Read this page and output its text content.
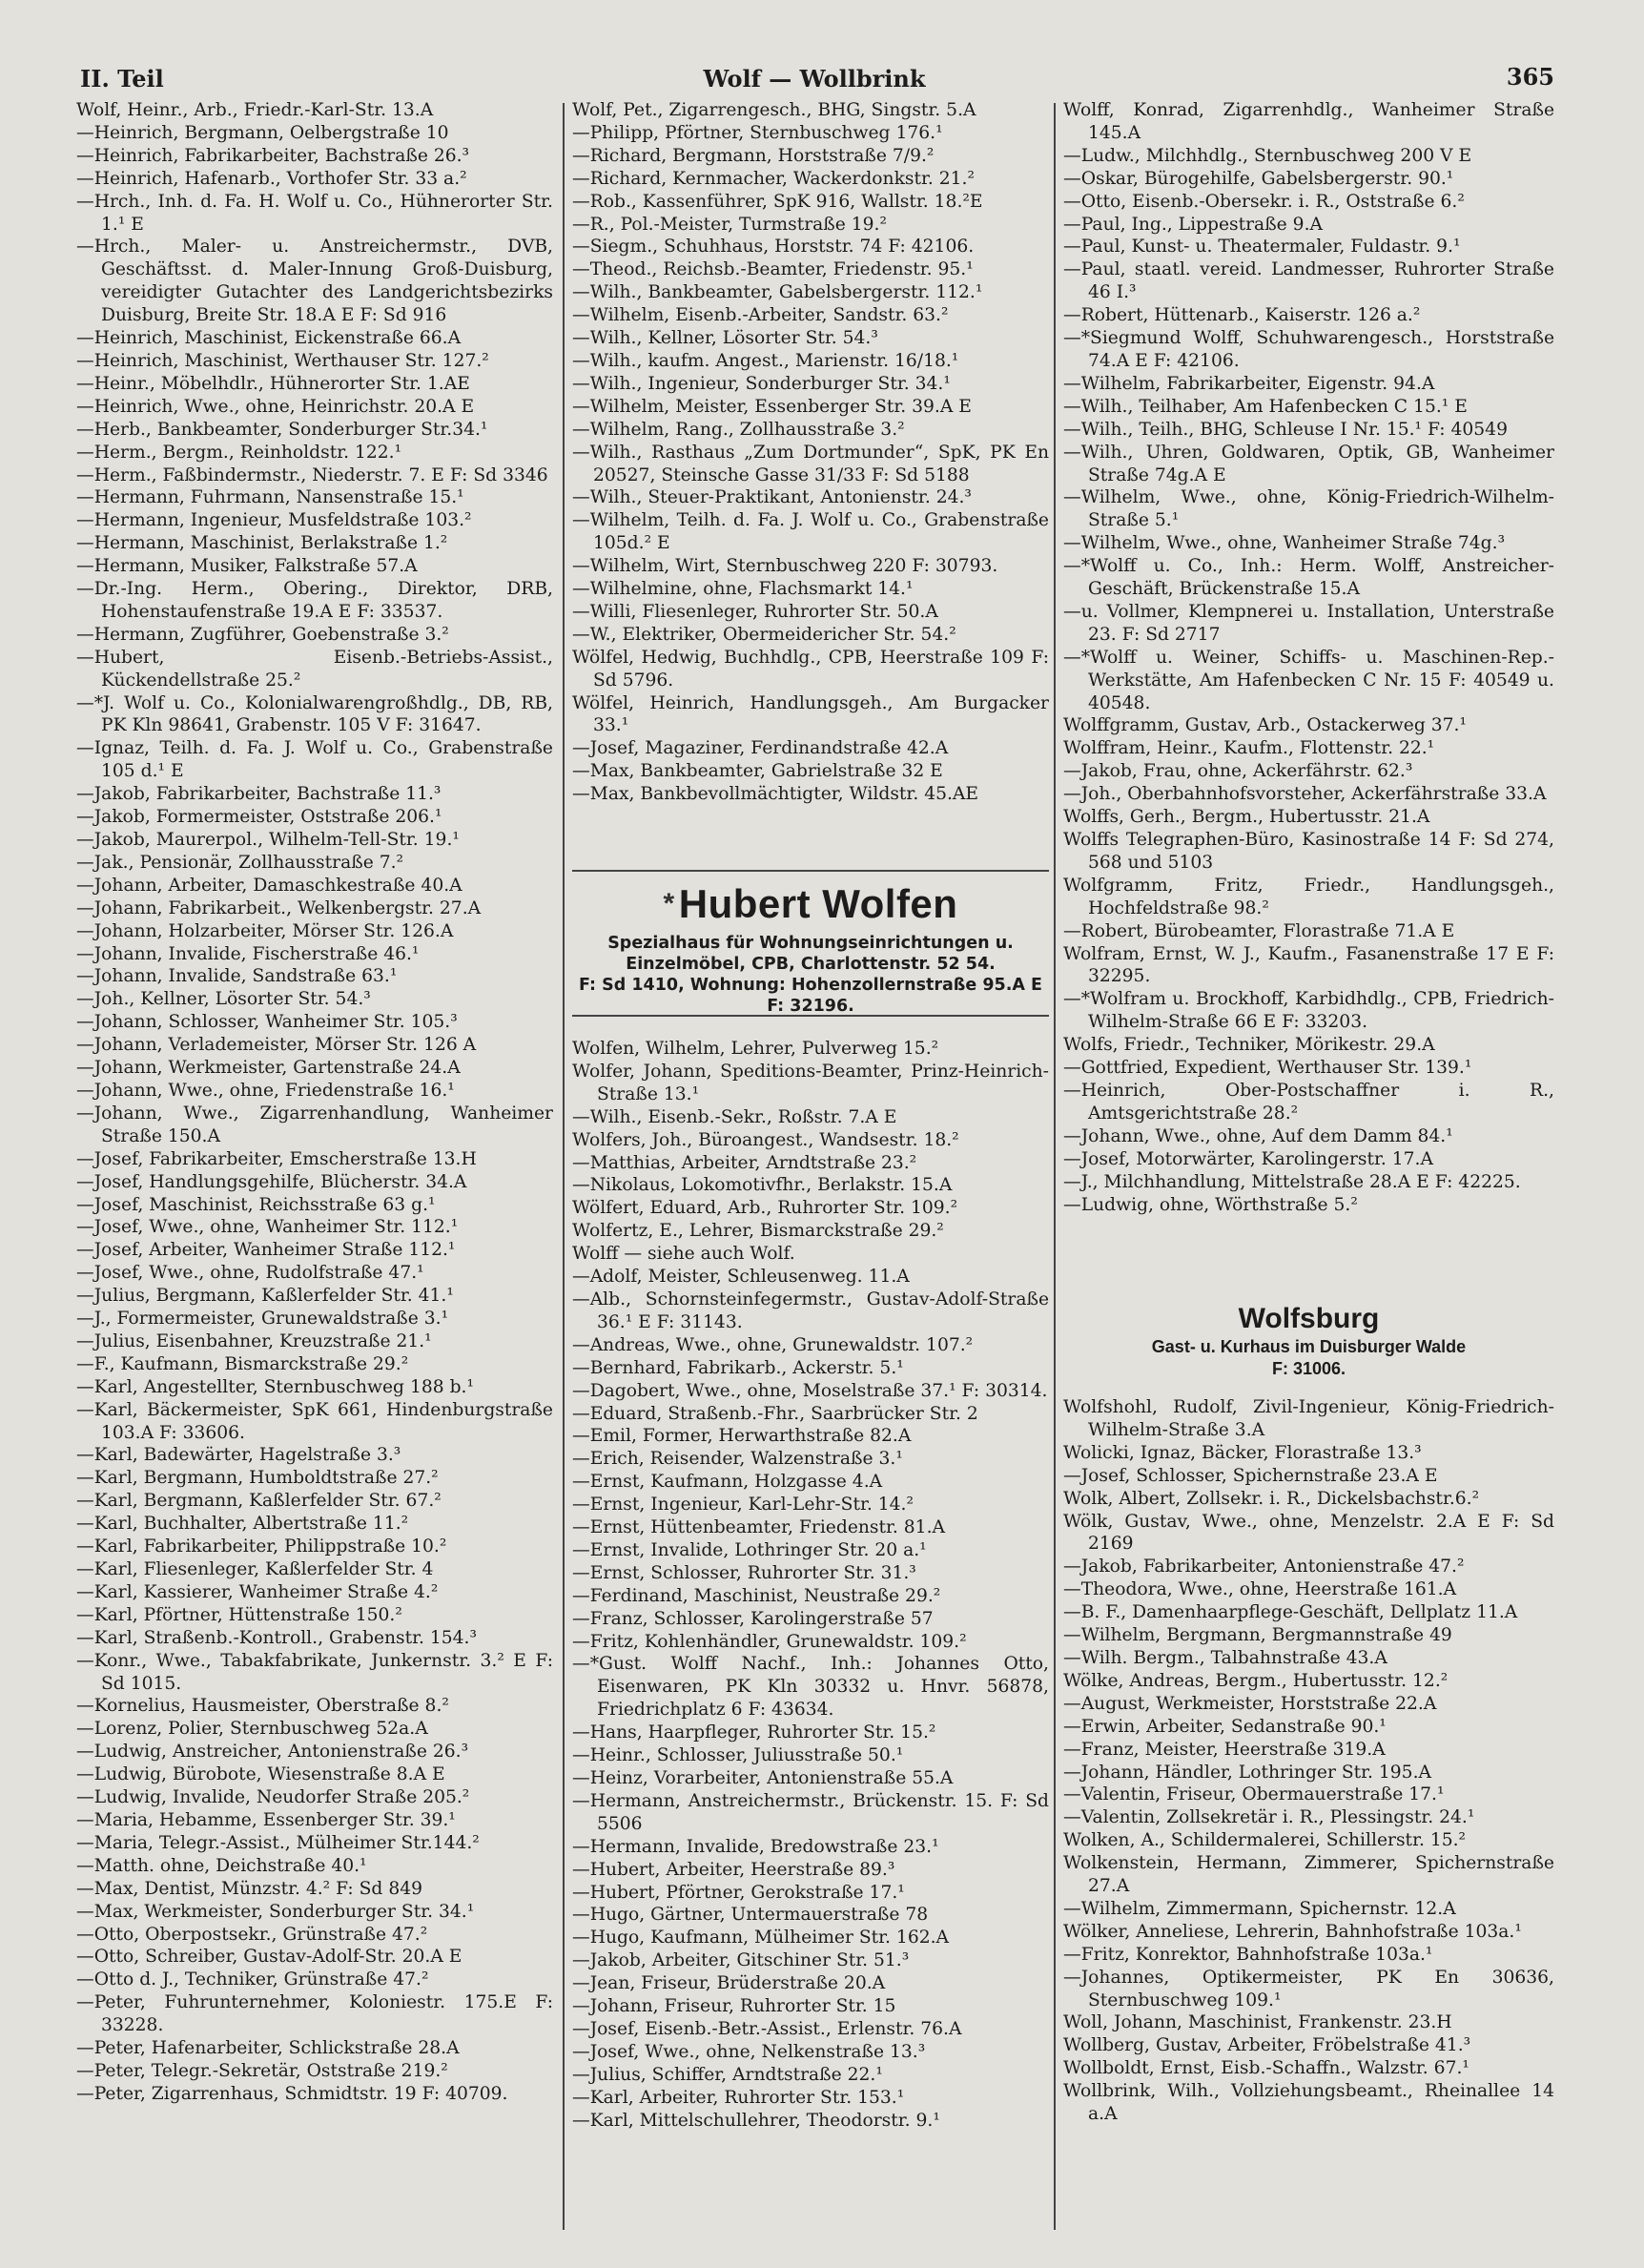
II. Teil	Wolf — Wollbrink	365
Wolf, Heinr., Arb., Friedr.-Karl-Str. 13.A
—Heinrich, Bergmann, Oelbergstraße 10
—Heinrich, Fabrikarbeiter, Bachstraße 26.³
—Heinrich, Hafenarb., Vorthofer Str. 33 a.²
—Hrch., Inh. d. Fa. H. Wolf u. Co., Hühnerorter Str. 1.¹ E
—Hrch., Maler- u. Anstreichermstr., DVB, Geschäftsst. d. Maler-Innung Groß-Duisburg, vereidigter Gutachter des Landgerichtsbezirks Duisburg, Breite Str. 18.A E F: Sd 916
—Heinrich, Maschinist, Eickenstraße 66.A
—Heinrich, Maschinist, Werthauser Str. 127.²
—Heinr., Möbelhdlr., Hühnerorter Str. 1.AE
—Heinrich, Wwe., ohne, Heinrichstr. 20.A E
—Herb., Bankbeamter, Sonderburger Str.34.¹
—Herm., Bergm., Reinholdstr. 122.¹
—Herm., Faßbindermstr., Niederstr. 7. E F: Sd 3346
—Hermann, Fuhrmann, Nansenstraße 15.¹
—Hermann, Ingenieur, Musfeldstraße 103.²
—Hermann, Maschinist, Berlakstraße 1.²
—Hermann, Musiker, Falkstraße 57.A
—Dr.-Ing. Herm., Obering., Direktor, DRB, Hohenstaufenstraße 19.A E F: 33537.
—Hermann, Zugführer, Goebenstraße 3.²
—Hubert, Eisenb.-Betriebs-Assist., Kückendellstraße 25.²
—*J. Wolf u. Co., Kolonialwarengroßhdlg., DB, RB, PK Kln 98641, Grabenstr. 105 V F: 31647.
—Ignaz, Teilh. d. Fa. J. Wolf u. Co., Grabenstraße 105 d.¹ E
—Jakob, Fabrikarbeiter, Bachstraße 11.³
—Jakob, Formermeister, Oststraße 206.¹
—Jakob, Maurerpol., Wilhelm-Tell-Str. 19.¹
—Jak., Pensionär, Zollhausstraße 7.²
—Johann, Arbeiter, Damaschkestraße 40.A
—Johann, Fabrikarbeit., Welkenbergstr. 27.A
—Johann, Holzarbeiter, Mörser Str. 126.A
—Johann, Invalide, Fischerstraße 46.¹
—Johann, Invalide, Sandstraße 63.¹
—Joh., Kellner, Lösorter Str. 54.³
—Johann, Schlosser, Wanheimer Str. 105.³
—Johann, Verlademeister, Mörser Str. 126 A
—Johann, Werkmeister, Gartenstraße 24.A
—Johann, Wwe., ohne, Friedenstraße 16.¹
—Johann, Wwe., Zigarrenhandlung, Wanheimer Straße 150.A
—Josef, Fabrikarbeiter, Emscherstraße 13.H
—Josef, Handlungsgehilfe, Blücherstr. 34.A
—Josef, Maschinist, Reichsstraße 63 g.¹
—Josef, Wwe., ohne, Wanheimer Str. 112.¹
—Josef, Arbeiter, Wanheimer Straße 112.¹
—Josef, Wwe., ohne, Rudolfstraße 47.¹
—Julius, Bergmann, Kaßlerfelder Str. 41.¹
—J., Formermeister, Grunewaldstraße 3.¹
—Julius, Eisenbahner, Kreuzstraße 21.¹
—F., Kaufmann, Bismarckstraße 29.²
—Karl, Angestellter, Sternbuschweg 188 b.¹
—Karl, Bäckermeister, SpK 661, Hindenburgstraße 103.A F: 33606.
—Karl, Badewärter, Hagelstraße 3.³
—Karl, Bergmann, Humboldtstraße 27.²
—Karl, Bergmann, Kaßlerfelder Str. 67.²
—Karl, Buchhalter, Albertstraße 11.²
—Karl, Fabrikarbeiter, Philippstraße 10.²
—Karl, Fliesenleger, Kaßlerfelder Str. 4
—Karl, Kassierer, Wanheimer Straße 4.²
—Karl, Pförtner, Hüttenstraße 150.²
—Karl, Straßenb.-Kontroll., Grabenstr. 154.³
—Konr., Wwe., Tabakfabrikate, Junkernstr. 3.² E F: Sd 1015.
—Kornelius, Hausmeister, Oberstraße 8.²
—Lorenz, Polier, Sternbuschweg 52a.A
—Ludwig, Anstreicher, Antonienstraße 26.³
—Ludwig, Bürobote, Wiesenstraße 8.A E
—Ludwig, Invalide, Neudorfer Straße 205.²
—Maria, Hebamme, Essenberger Str. 39.¹
—Maria, Telegr.-Assist., Mülheimer Str.144.²
—Matth. ohne, Deichstraße 40.¹
—Max, Dentist, Münzstr. 4.² F: Sd 849
—Max, Werkmeister, Sonderburger Str. 34.¹
—Otto, Oberpostsekr., Grünstraße 47.²
—Otto, Schreiber, Gustav-Adolf-Str. 20.A E
—Otto d. J., Techniker, Grünstraße 47.²
—Peter, Fuhrunternehmer, Koloniestr. 175.E F: 33228.
—Peter, Hafenarbeiter, Schlickstraße 28.A
—Peter, Telegr.-Sekretär, Oststraße 219.²
—Peter, Zigarrenhaus, Schmidtstr. 19 F: 40709.
Wolf, Pet., Zigarrengesch., BHG, Singstr. 5.A
—Philipp, Pförtner, Sternbuschweg 176.¹
—Richard, Bergmann, Horststraße 7/9.²
—Richard, Kernmacher, Wackerdonkstr. 21.²
—Rob., Kassenführer, SpK 916, Wallstr. 18.²E
—R., Pol.-Meister, Turmstraße 19.²
—Siegm., Schuhhaus, Horststr. 74 F: 42106.
—Theod., Reichsb.-Beamter, Friedenstr. 95.¹
—Wilh., Bankbeamter, Gabelsbergerstr. 112.¹
—Wilhelm, Eisenb.-Arbeiter, Sandstr. 63.²
—Wilh., Kellner, Lösorter Str. 54.³
—Wilh., kaufm. Angest., Marienstr. 16/18.¹
—Wilh., Ingenieur, Sonderburger Str. 34.¹
—Wilhelm, Meister, Essenberger Str. 39.A E
—Wilhelm, Rang., Zollhausstraße 3.²
—Wilh., Rasthaus „Zum Dortmunder“, SpK, PK En 20527, Steinsche Gasse 31/33 F: Sd 5188
—Wilh., Steuer-Praktikant, Antonienstr. 24.³
—Wilhelm, Teilh. d. Fa. J. Wolf u. Co., Grabenstraße 105d.² E
—Wilhelm, Wirt, Sternbuschweg 220 F: 30793.
—Wilhelmine, ohne, Flachsmarkt 14.¹
—Willi, Fliesenleger, Ruhrorter Str. 50.A
—W., Elektriker, Obermeidericher Str. 54.²
Wölfel, Hedwig, Buchhdlg., CPB, Heerstraße 109 F: Sd 5796.
Wölfel, Heinrich, Handlungsgeh., Am Burgacker 33.¹
—Josef, Magaziner, Ferdinandstraße 42.A
—Max, Bankbeamter, Gabrielstraße 32 E
—Max, Bankbevollmächtigter, Wildstr. 45.AE
*Hubert Wolfen
Spezialhaus für Wohnungseinrichtungen u. Einzelmöbel, CPB, Charlottenstr. 52 54.
F: Sd 1410, Wohnung: Hohenzollernstraße 95.A E F: 32196.
Wolfen, Wilhelm, Lehrer, Pulverweg 15.²
Wolfer, Johann, Speditions-Beamter, Prinz-Heinrich-Straße 13.¹
—Wilh., Eisenb.-Sekr., Roßstr. 7.A E
Wolfers, Joh., Büroangest., Wandsestr. 18.²
—Matthias, Arbeiter, Arndtstraße 23.²
—Nikolaus, Lokomotivfhr., Berlakstr. 15.A
Wölfert, Eduard, Arb., Ruhrorter Str. 109.²
Wolfertz, E., Lehrer, Bismarckstraße 29.²
Wolff — siehe auch Wolf.
—Adolf, Meister, Schleusenweg. 11.A
—Alb., Schornsteinfegermstr., Gustav-Adolf-Straße 36.¹ E F: 31143.
—Andreas, Wwe., ohne, Grunewaldstr. 107.²
—Bernhard, Fabrikarb., Ackerstr. 5.¹
—Dagobert, Wwe., ohne, Moselstraße 37.¹ F: 30314.
—Eduard, Straßenb.-Fhr., Saarbrücker Str. 2
—Emil, Former, Herwarthstraße 82.A
—Erich, Reisender, Walzenstraße 3.¹
—Ernst, Kaufmann, Holzgasse 4.A
—Ernst, Ingenieur, Karl-Lehr-Str. 14.²
—Ernst, Hüttenbeamter, Friedenstr. 81.A
—Ernst, Invalide, Lothringer Str. 20 a.¹
—Ernst, Schlosser, Ruhrorter Str. 31.³
—Ferdinand, Maschinist, Neustraße 29.²
—Franz, Schlosser, Karolingerstraße 57
—Fritz, Kohlenhändler, Grunewaldstr. 109.²
—*Gust. Wolff Nachf., Inh.: Johannes Otto, Eisenwaren, PK Kln 30332 u. Hnvr. 56878, Friedrichplatz 6 F: 43634.
—Hans, Haarpfleger, Ruhrorter Str. 15.²
—Heinr., Schlosser, Juliusstraße 50.¹
—Heinz, Vorarbeiter, Antonienstraße 55.A
—Hermann, Anstreichermstr., Brückenstr. 15. F: Sd 5506
—Hermann, Invalide, Bredowstraße 23.¹
—Hubert, Arbeiter, Heerstraße 89.³
—Hubert, Pförtner, Gerokstraße 17.¹
—Hugo, Gärtner, Untermauerstraße 78
—Hugo, Kaufmann, Mülheimer Str. 162.A
—Jakob, Arbeiter, Gitschiner Str. 51.³
—Jean, Friseur, Brüderstraße 20.A
—Johann, Friseur, Ruhrorter Str. 15
—Josef, Eisenb.-Betr.-Assist., Erlenstr. 76.A
—Josef, Wwe., ohne, Nelkenstraße 13.³
—Julius, Schiffer, Arndtstraße 22.¹
—Karl, Arbeiter, Ruhrorter Str. 153.¹
—Karl, Mittelschullehrer, Theodorstr. 9.¹
Wolff, Konrad, Zigarrenhdlg., Wanheimer Straße 145.A
—Ludw., Milchhdlg., Sternbuschweg 200 V E
—Oskar, Bürogehilfe, Gabelsbergerstr. 90.¹
—Otto, Eisenb.-Obersekr. i. R., Oststraße 6.²
—Paul, Ing., Lippestraße 9.A
—Paul, Kunst- u. Theatermaler, Fuldastr. 9.¹
—Paul, staatl. vereid. Landmesser, Ruhrorter Straße 46 I.³
—Robert, Hüttenarb., Kaiserstr. 126 a.²
—*Siegmund Wolff, Schuhwarengesch., Horststraße 74.A E F: 42106.
—Wilhelm, Fabrikarbeiter, Eigenstr. 94.A
—Wilh., Teilhaber, Am Hafenbecken C 15.¹ E
—Wilh., Teilh., BHG, Schleuse I Nr. 15.¹ F: 40549
—Wilh., Uhren, Goldwaren, Optik, GB, Wanheimer Straße 74g.A E
—Wilhelm, Wwe., ohne, König-Friedrich-Wilhelm-Straße 5.¹
—Wilhelm, Wwe., ohne, Wanheimer Straße 74g.³
—*Wolff u. Co., Inh.: Herm. Wolff, Anstreicher-Geschäft, Brückenstraße 15.A
—u. Vollmer, Klempnerei u. Installation, Unterstraße 23. F: Sd 2717
—*Wolff u. Weiner, Schiffs- u. Maschinen-Rep.-Werkstätte, Am Hafenbecken C Nr. 15 F: 40549 u. 40548.
Wolffgramm, Gustav, Arb., Ostackerweg 37.¹
Wolffram, Heinr., Kaufm., Flottenstr. 22.¹
—Jakob, Frau, ohne, Ackerfährstr. 62.³
—Joh., Oberbahnhofsvorsteher, Ackerfährstraße 33.A
Wolffs, Gerh., Bergm., Hubertusstr. 21.A
Wolffs Telegraphen-Büro, Kasinostraße 14 F: Sd 274, 568 und 5103
Wolfgramm, Fritz, Friedr., Handlungsgeh., Hochfeldstraße 98.²
—Robert, Bürobeamter, Florastraße 71.A E
Wolfram, Ernst, W. J., Kaufm., Fasanenstraße 17 E F: 32295.
—*Wolfram u. Brockhoff, Karbidhdlg., CPB, Friedrich-Wilhelm-Straße 66 E F: 33203.
Wolfs, Friedr., Techniker, Mörikestr. 29.A
—Gottfried, Expedient, Werthauser Str. 139.¹
—Heinrich, Ober-Postschaffner i. R., Amtsgerichtstraße 28.²
—Johann, Wwe., ohne, Auf dem Damm 84.¹
—Josef, Motorwärter, Karolingerstr. 17.A
—J., Milchhandlung, Mittelstraße 28.A E F: 42225.
—Ludwig, ohne, Wörthstraße 5.²
Wolfsburg
Gast- u. Kurhaus im Duisburger Walde
F: 31006.
Wolfshohl, Rudolf, Zivil-Ingenieur, König-Friedrich-Wilhelm-Straße 3.A
Wolicki, Ignaz, Bäcker, Florastraße 13.³
—Josef, Schlosser, Spichernstraße 23.A E
Wolk, Albert, Zollsekr. i. R., Dickelsbachstr.6.²
Wölk, Gustav, Wwe., ohne, Menzelstr. 2.A E F: Sd 2169
—Jakob, Fabrikarbeiter, Antonienstraße 47.²
—Theodora, Wwe., ohne, Heerstraße 161.A
—B. F., Damenhaarpflege-Geschäft, Dellplatz 11.A
—Wilhelm, Bergmann, Bergmannstraße 49
—Wilh. Bergm., Talbahnstraße 43.A
Wölke, Andreas, Bergm., Hubertusstr. 12.²
—August, Werkmeister, Horststraße 22.A
—Erwin, Arbeiter, Sedanstraße 90.¹
—Franz, Meister, Heerstraße 319.A
—Johann, Händler, Lothringer Str. 195.A
—Valentin, Friseur, Obermauerstraße 17.¹
—Valentin, Zollsekretär i. R., Plessingstr. 24.¹
Wolken, A., Schildermalerei, Schillerstr. 15.²
Wolkenstein, Hermann, Zimmerer, Spichernstraße 27.A
—Wilhelm, Zimmermann, Spichernstr. 12.A
Wölker, Anneliese, Lehrerin, Bahnhofstraße 103a.¹
—Fritz, Konrektor, Bahnhofstraße 103a.¹
—Johannes, Optikermeister, PK En 30636, Sternbuschweg 109.¹
Woll, Johann, Maschinist, Frankenstr. 23.H
Wollberg, Gustav, Arbeiter, Fröbelstraße 41.³
Wollboldt, Ernst, Eisb.-Schaffn., Walzstr. 67.¹
Wollbrink, Wilh., Vollziehungsbeamt., Rheinallee 14 a.A
